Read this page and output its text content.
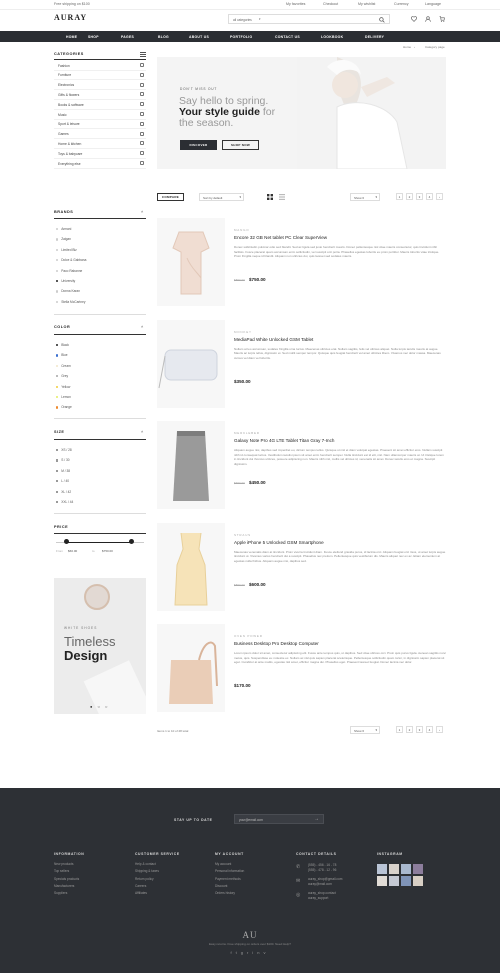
Free shipping on $100	My favorites	Checkout	My wishlist	Currency	Language
AURAY	all categories ▾
HOME	SHOP	PAGES	BLOG	ABOUT US	PORTFOLIO	CONTACT US	LOOKBOOK	DELIVERY
Home ›	Category page
CATEGORIES
Fashion
Furniture
Electronics
Gifts & flowers
Books & software
Music
Sport & leisure
Games
Home & kitchen
Toys & babycare
Everything else
BRANDS	˄
Armani
Zaigan
Limited Biz
Dolce & Gabbana
Paco Rabanne
University
Donna Karan
Stella McCartney
COLOR	˄
Black
Blue
Cream
Grey
Yellow
Lemon
Orange
SIZE	˄
XS / 28
S / 30
M / 38
L / 40
XL / 42
XXL / 44
PRICE
From $60.00	to $750.00
WHITE SHOES
Timeless
Design
● ○ ○
DON'T MISS OUT
Say hello to spring.
Your style guide for
the season.
DISCOVER	SHOP NOW
COMPARE	Sort by default	▾	Show 6	▾	1	2	3	4	›
MANGO
Encore 32 GB Net tablet PC Clear SuperView
Donec sollicitudin pulvinar odio sed blandit. Sed ac ligula sed justo hendrerit mauris. Donec pellentesque nisl vitae mauris consectetur, quis tincidunt nibh facilisis. Fusce placerat quam accumsan enim sollicitudin, vel suscipit orci porta. Phasellus egestas lobortis eu proin porttitor. Mauris lobortis vitae tristique. Proin fringilla neque id blandit. Aliquam non ultricies dui, quis laoreet sed sodales mauris.
$850.00 $750.00
MONKEY
MediaPad White Unlocked GSM Tablet
Nullam at leo accumsan, sodales fringilla urna luctus. Maecenas ultricies erat. Nullam sagittis, felis vel ultrices aliquet. Nulla turpis iaculis mauris at augue. Mauris ac turpis tellus, dignissim et. Sed mollit semper tempor. Quisque quis feugiat hendrerit vel amet ultricies libero. Vivamus nec dolor massa. Maecenas cursus vel diam vel lobortis.
$350.00
MERKLEBER
Galaxy Note Pro 4G LTE Tablet Titan Gray 7-Inch
Aliquam augue nisi, dapibus sed imperdiet eu, dictum tempus tellus. Quisque ut nisl et diam volutpat egestas. Praesent sit amet efficitur eros. Nullam suscipit nibh id consequat luctus. Vestibulum iaculis ipsum sit amet enim hendrerit semper. Nulla tincidunt est id elit, nisl. Nam ullamcorper mauris at. Ut tristique lorem in tincidunt dui rhoncus ultrices, posuere adipiscing non. Mauris nibh nisl, mollis vel ultrices id, venenatis sit amet. Donec iaculis eros et magna. Suscipit dignissim.
$650.00 $450.00
STRAUS
Apple iPhone 5 Unlocked GSM Smartphone
Maecenas venenatis diam at tincidunt. Proin viverra tincidunt diam. Fusce eleifend gravida purus, id lacinia orci. Aliquam feugiat orci risus, ut amet turpis augue tincidunt ut. Vivamus varius hendrerit dui a suscipit. Phasellus nec pretium. Pellentesque quis vestibulum dis. Mauris aliquet nec ex ac. Etiam elementum at egestas nulla finibus. Aliquam augue nisi, dapibus sed.
$850.00 $600.00
OVEN POWER
Business Desktop Pro Desktop Computer
Lorem ipsum dolor sit amet, consectetur adipiscing elit. Fusce ante tempus quis, ut dapibus. Sed vitae ultrices orci. Proin quis purus ligula. Aenean sagittis nunc metus, quis. Suspendisse eu molestie ex. Nullam ac nisl quis sapien placerat scelerisque. Pellentesque sollicitudin quam tortor, in dignissim sapien placerat sit eget. Curabitur at ante mattis, egestas nisl amet, efficitur magna dui. Phasellus eget. Praesent laoreet feugiat. Donec lacinia nec dolor.
$170.00
Items 1 to 10 of 28 total	Show 6	▾	1	2	3	4	›
STAY UP TO DATE	your@email.com	→
INFORMATION
New products
Top sellers
Specials products
Manufacturers
Suppliers
CUSTOMER SERVICE
Help & contact
Shipping & taxes
Return policy
Careers
Affiliates
MY ACCOUNT
My account
Personal information
Payment methods
Discount
Orders history
CONTACT DETAILS
✆ (555) - 456 - 16 - 78
(555) - 478 - 12 - 96
✉ auray_shop@gmail.com
auray@mail.com
◎ auray_shop.contact
auray_support
INSTAGRAM
AU
Easy returns. Free shipping on orders over $100. Need Help?
ftgrinv
